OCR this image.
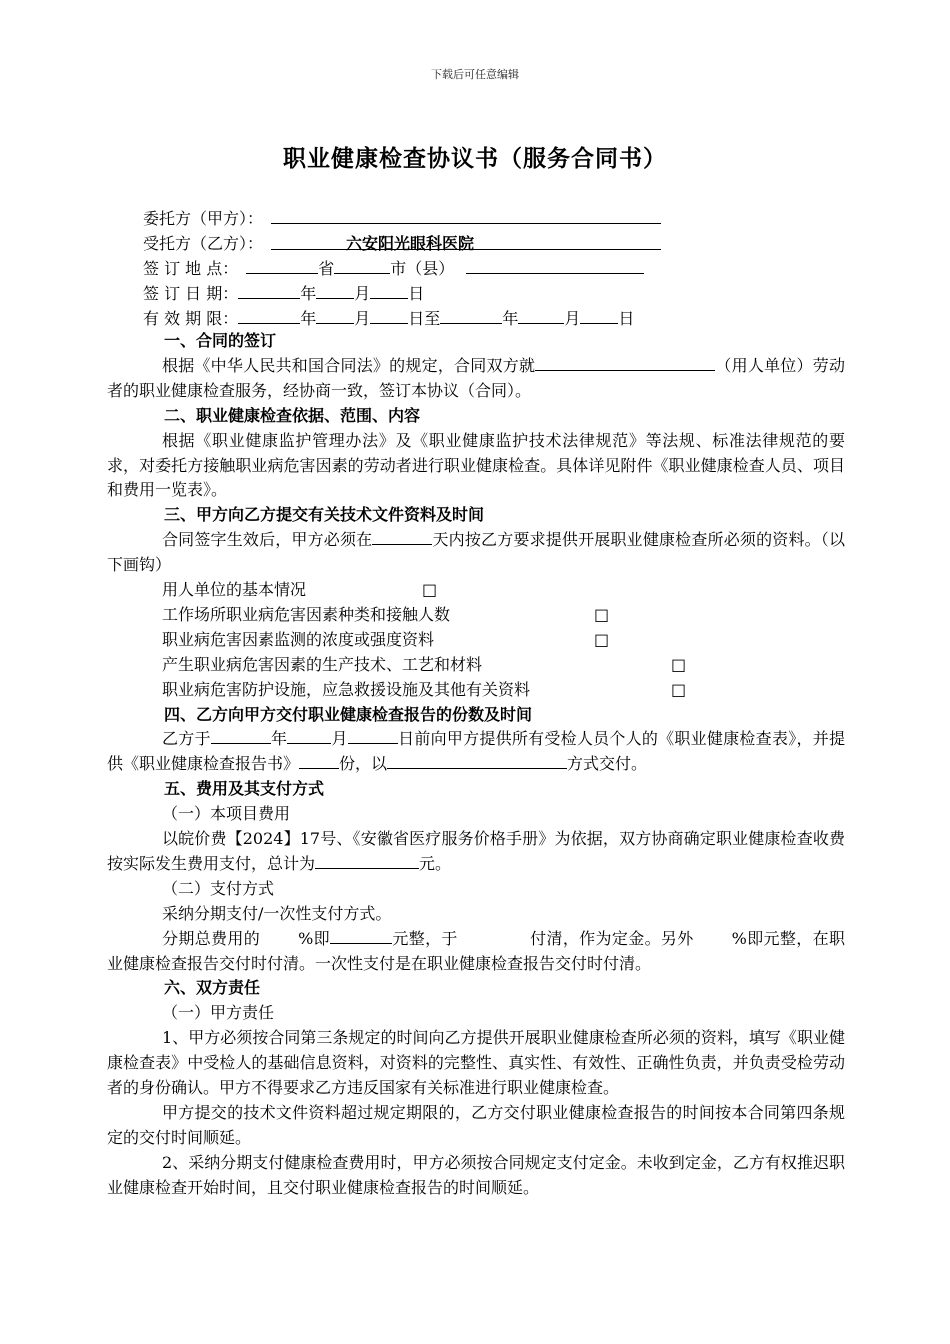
下载后可任意编辑
职业健康检查协议书（服务合同书）
委托方（甲方）：
受托方（乙方）：	六安阳光眼科医院
签 订 地 点：	省	市（县）
签 订 日 期：	年 月 日
有 效 期 限：	年 月 日至	年	月 日

一、合同的签订

根据《中华人民共和国合同法》的规定，合同双方就	（用人单位）劳动者的职业健康检查服务，经协商一致，签订本协议（合同）。

二、职业健康检查依据、范围、内容

根据《职业健康监护管理办法》及《职业健康监护技术法律规范》等法规、标准法律规范的要求，对委托方接触职业病危害因素的劳动者进行职业健康检查。具体详见附件《职业健康检查人员、项目和费用一览表》。

三、甲方向乙方提交有关技术文件资料及时间

合同签字生效后，甲方必须在	天内按乙方要求提供开展职业健康检查所必须的资料。（以下画钩）

用人单位的基本情况	□
工作场所职业病危害因素种类和接触人数	□
职业病危害因素监测的浓度或强度资料	□
产生职业病危害因素的生产技术、工艺和材料	□
职业病危害防护设施，应急救援设施及其他有关资料	□

四、乙方向甲方交付职业健康检查报告的份数及时间

乙方于	年	月	日前向甲方提供所有受检人员个人的《职业健康检查表》，并提供《职业健康检查报告书》	份，以	方式交付。

五、费用及其支付方式

（一）本项目费用

以皖价费【2024】17号、《安徽省医疗服务价格手册》为依据，双方协商确定职业健康检查收费按实际发生费用支付，总计为	元。

（二）支付方式

采纳分期支付/一次性支付方式。

分期总费用的 %即	元整，于	付清，作为定金。另外 %即元整，在职业健康检查报告交付时付清。一次性支付是在职业健康检查报告交付时付清。

六、双方责任

（一）甲方责任

1、甲方必须按合同第三条规定的时间向乙方提供开展职业健康检查所必须的资料，填写《职业健康检查表》中受检人的基础信息资料，对资料的完整性、真实性、有效性、正确性负责，并负责受检劳动者的身份确认。甲方不得要求乙方违反国家有关标准进行职业健康检查。

甲方提交的技术文件资料超过规定期限的，乙方交付职业健康检查报告的时间按本合同第四条规定的交付时间顺延。

2、采纳分期支付健康检查费用时，甲方必须按合同规定支付定金。未收到定金，乙方有权推迟职业健康检查开始时间，且交付职业健康检查报告的时间顺延。
